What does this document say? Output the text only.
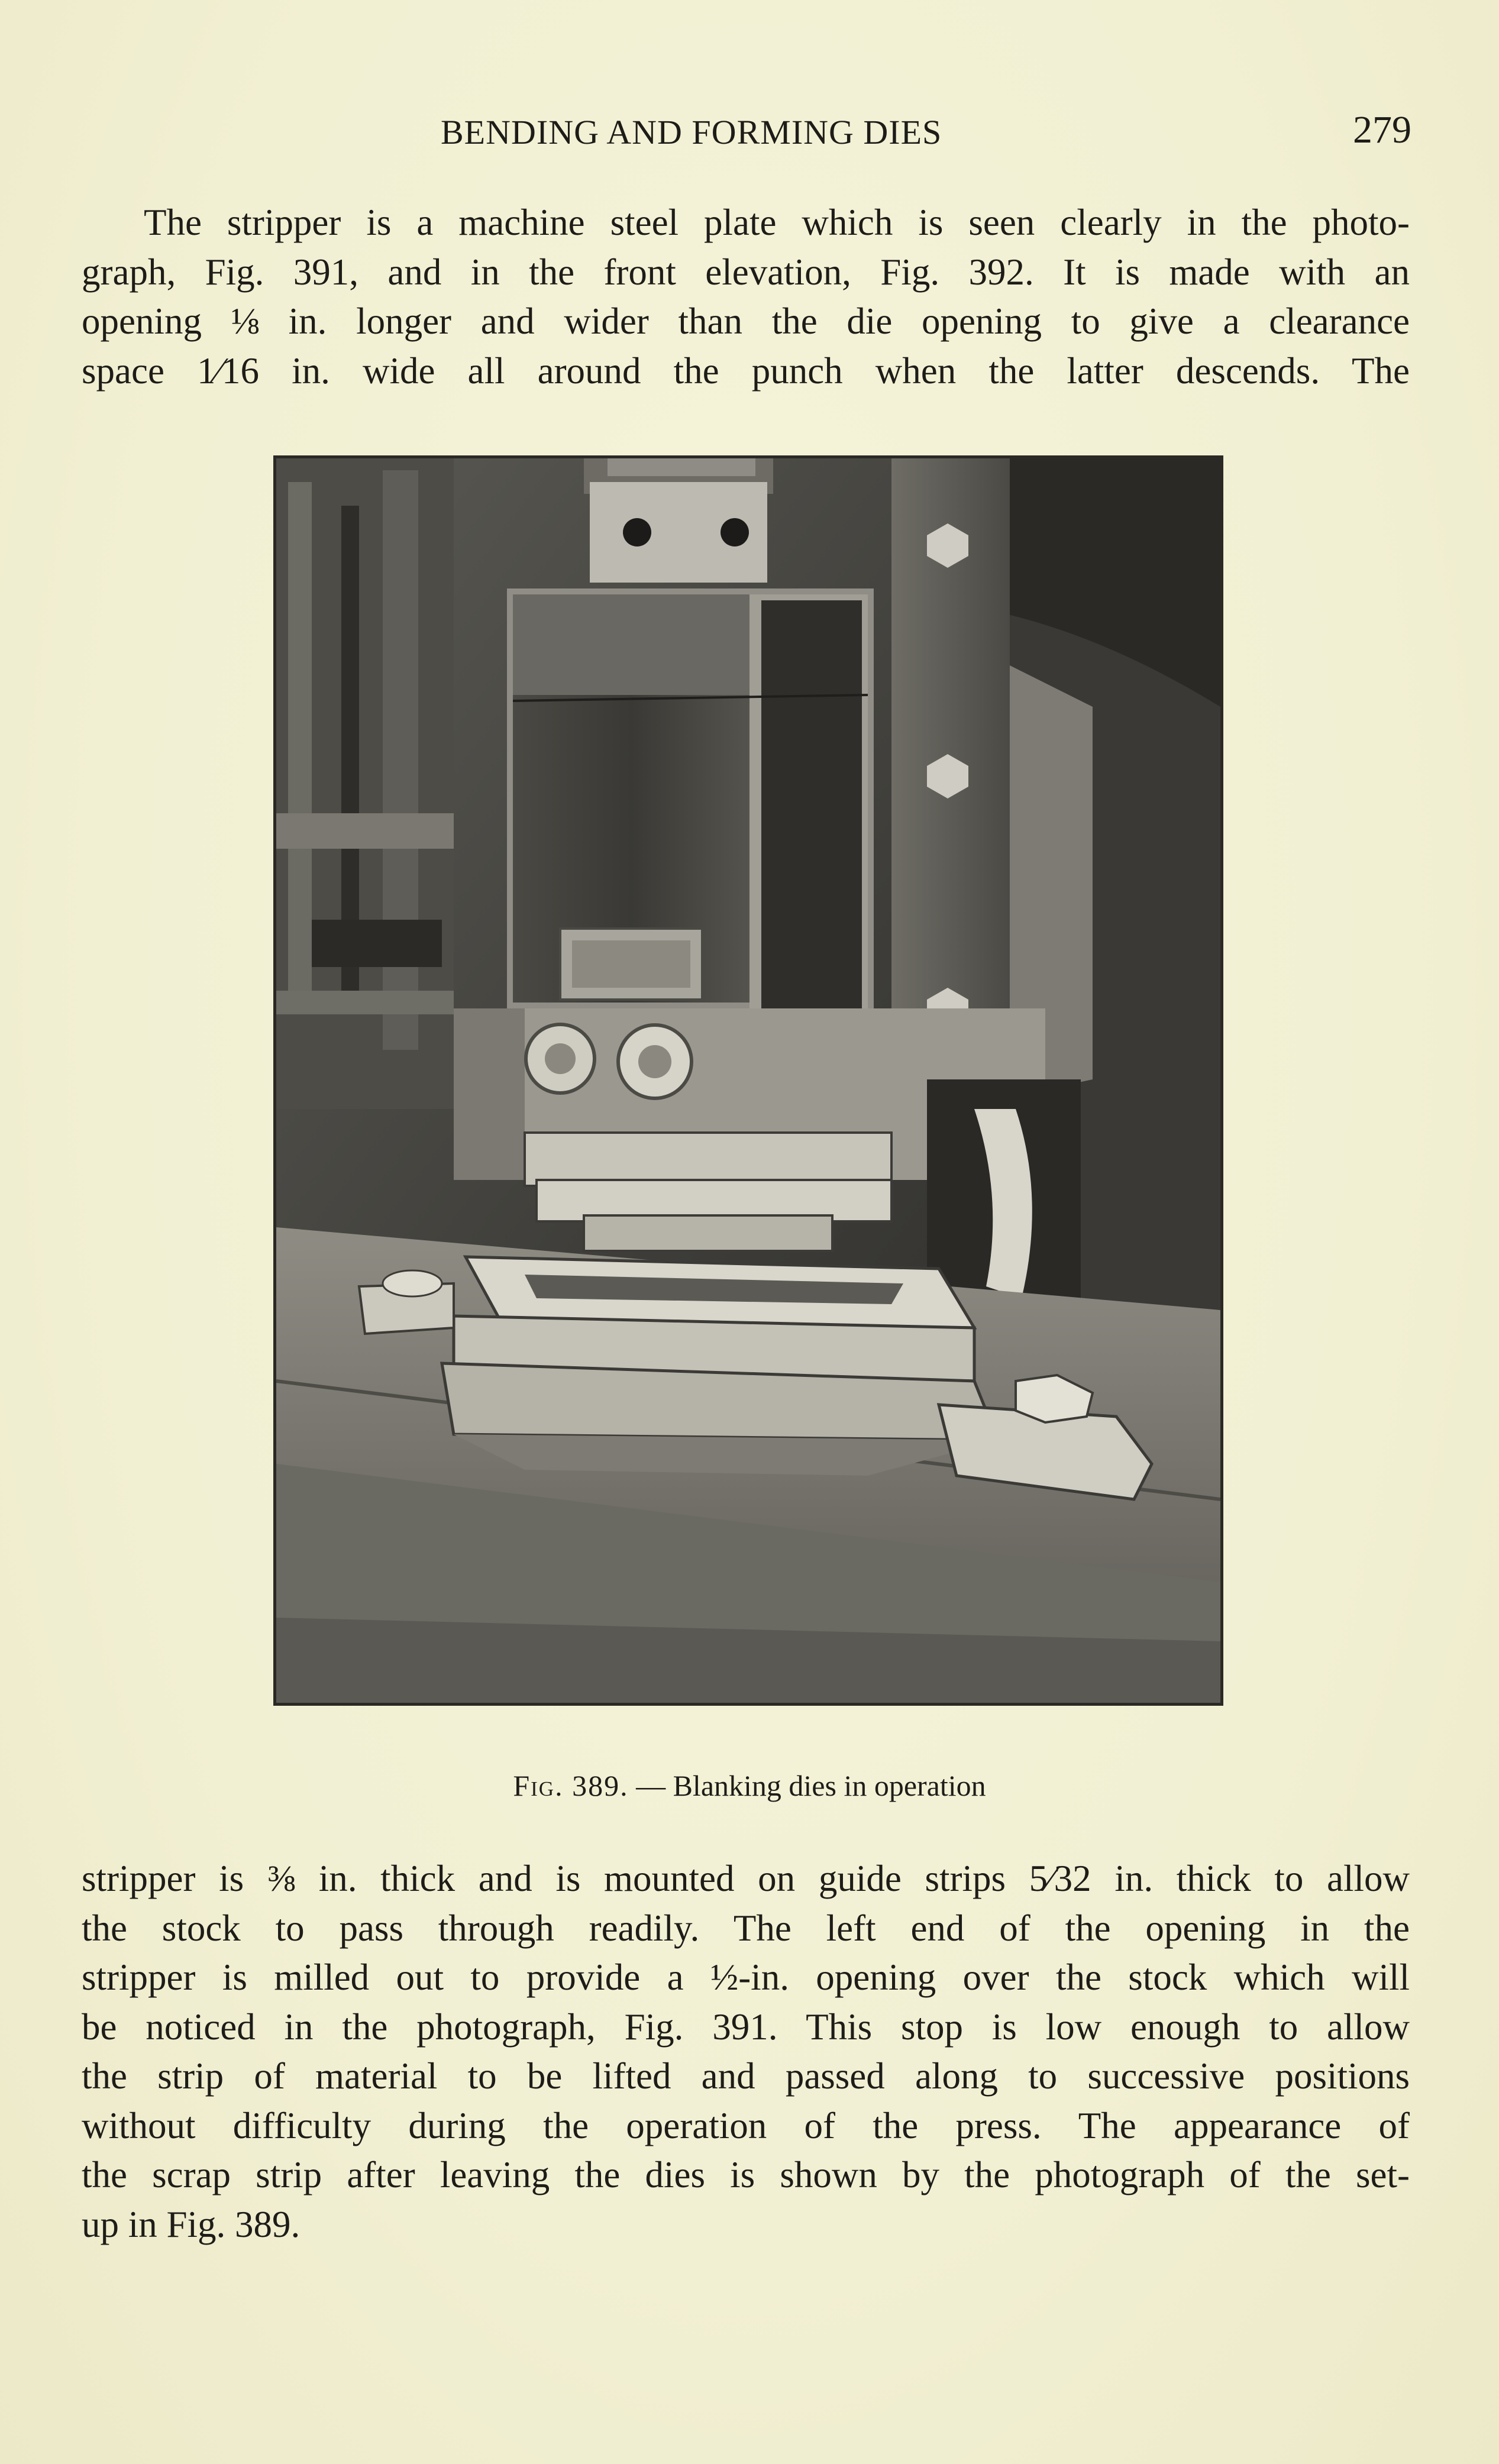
BENDING AND FORMING DIES	279
The stripper is a machine steel plate which is seen clearly in the photo-
graph, Fig. 391, and in the front elevation, Fig. 392. It is made with an
opening ⅛ in. longer and wider than the die opening to give a clearance
space 1⁄16 in. wide all around the punch when the latter descends. The
Fig. 389. — Blanking dies in operation
stripper is ⅜ in. thick and is mounted on guide strips 5⁄32 in. thick to allow
the stock to pass through readily. The left end of the opening in the
stripper is milled out to provide a ½-in. opening over the stock which will
be noticed in the photograph, Fig. 391. This stop is low enough to allow
the strip of material to be lifted and passed along to successive positions
without difficulty during the operation of the press. The appearance of
the scrap strip after leaving the dies is shown by the photograph of the set-
up in Fig. 389.
